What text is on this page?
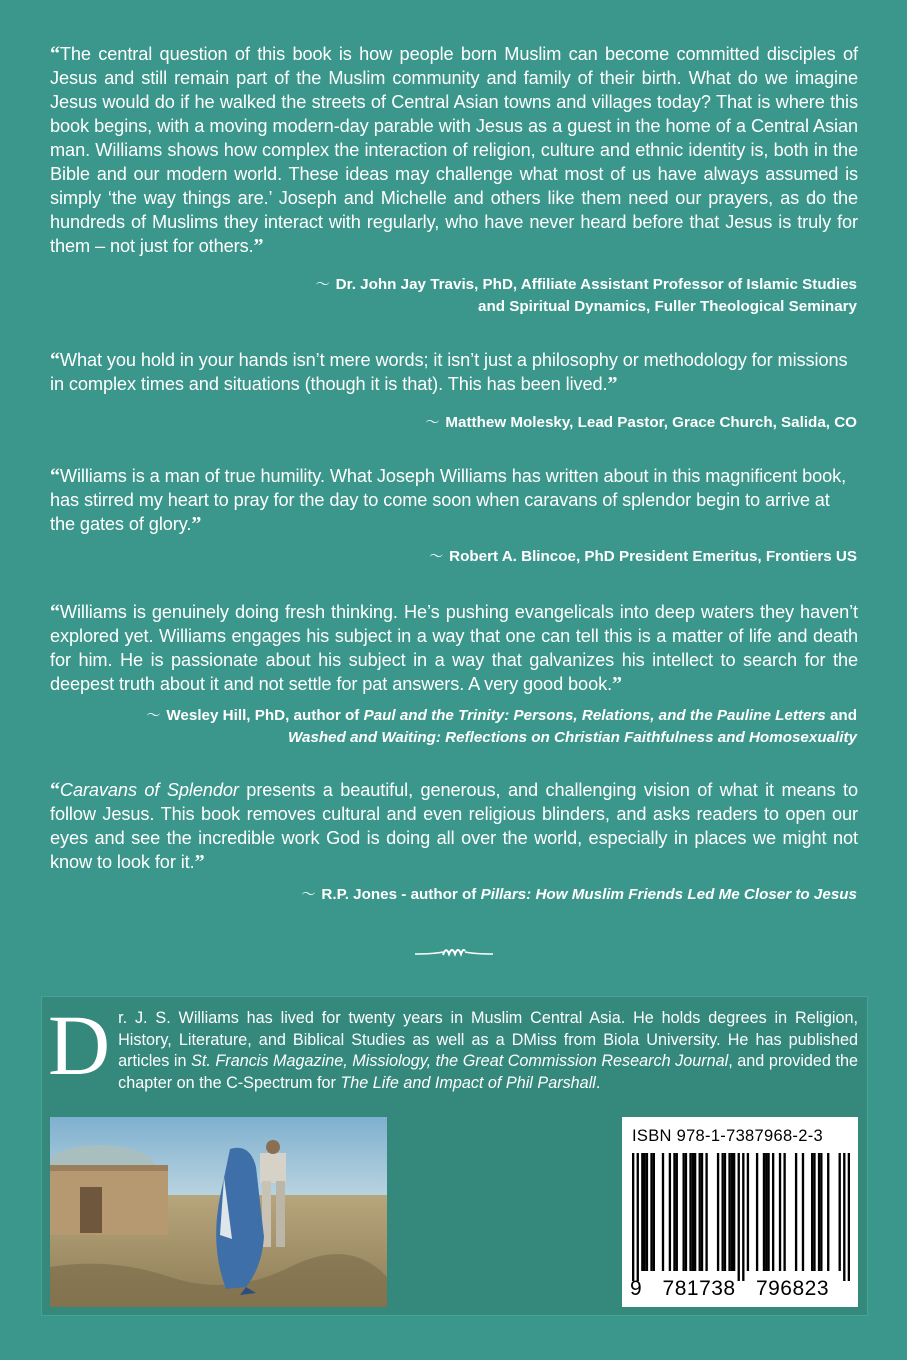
“The central question of this book is how people born Muslim can become committed disciples of Jesus and still remain part of the Muslim community and family of their birth. What do we imagine Jesus would do if he walked the streets of Central Asian towns and villages today? That is where this book begins, with a moving modern-day parable with Jesus as a guest in the home of a Central Asian man. Williams shows how complex the interaction of religion, culture and ethnic identity is, both in the Bible and our modern world. These ideas may challenge what most of us have always assumed is simply ‘the way things are.’ Joseph and Michelle and others like them need our prayers, as do the hundreds of Muslims they interact with regularly, who have never heard before that Jesus is truly for them – not just for others.”
〜 Dr. John Jay Travis, PhD, Affiliate Assistant Professor of Islamic Studies
and Spiritual Dynamics, Fuller Theological Seminary
“What you hold in your hands isn’t mere words; it isn’t just a philosophy or methodology for missions in complex times and situations (though it is that). This has been lived.”
〜 Matthew Molesky, Lead Pastor, Grace Church, Salida, CO
“Williams is a man of true humility. What Joseph Williams has written about in this magnificent book, has stirred my heart to pray for the day to come soon when caravans of splendor begin to arrive at the gates of glory.”
〜 Robert A. Blincoe, PhD President Emeritus, Frontiers US
“Williams is genuinely doing fresh thinking. He’s pushing evangelicals into deep waters they haven’t explored yet. Williams engages his subject in a way that one can tell this is a matter of life and death for him. He is passionate about his subject in a way that galvanizes his intellect to search for the deepest truth about it and not settle for pat answers. A very good book.”
〜 Wesley Hill, PhD, author of Paul and the Trinity: Persons, Relations, and the Pauline Letters and Washed and Waiting: Reflections on Christian Faithfulness and Homosexuality
“Caravans of Splendor presents a beautiful, generous, and challenging vision of what it means to follow Jesus. This book removes cultural and even religious blinders, and asks readers to open our eyes and see the incredible work God is doing all over the world, especially in places we might not know to look for it.”
〜 R.P. Jones - author of Pillars: How Muslim Friends Led Me Closer to Jesus
Dr. J. S. Williams has lived for twenty years in Muslim Central Asia. He holds degrees in Religion, History, Literature, and Biblical Studies as well as a DMiss from Biola University. He has published articles in St. Francis Magazine, Missiology, the Great Commission Research Journal, and provided the chapter on the C-Spectrum for The Life and Impact of Phil Parshall.
ISBN 978-1-7387968-2-3
9 781738 796823
